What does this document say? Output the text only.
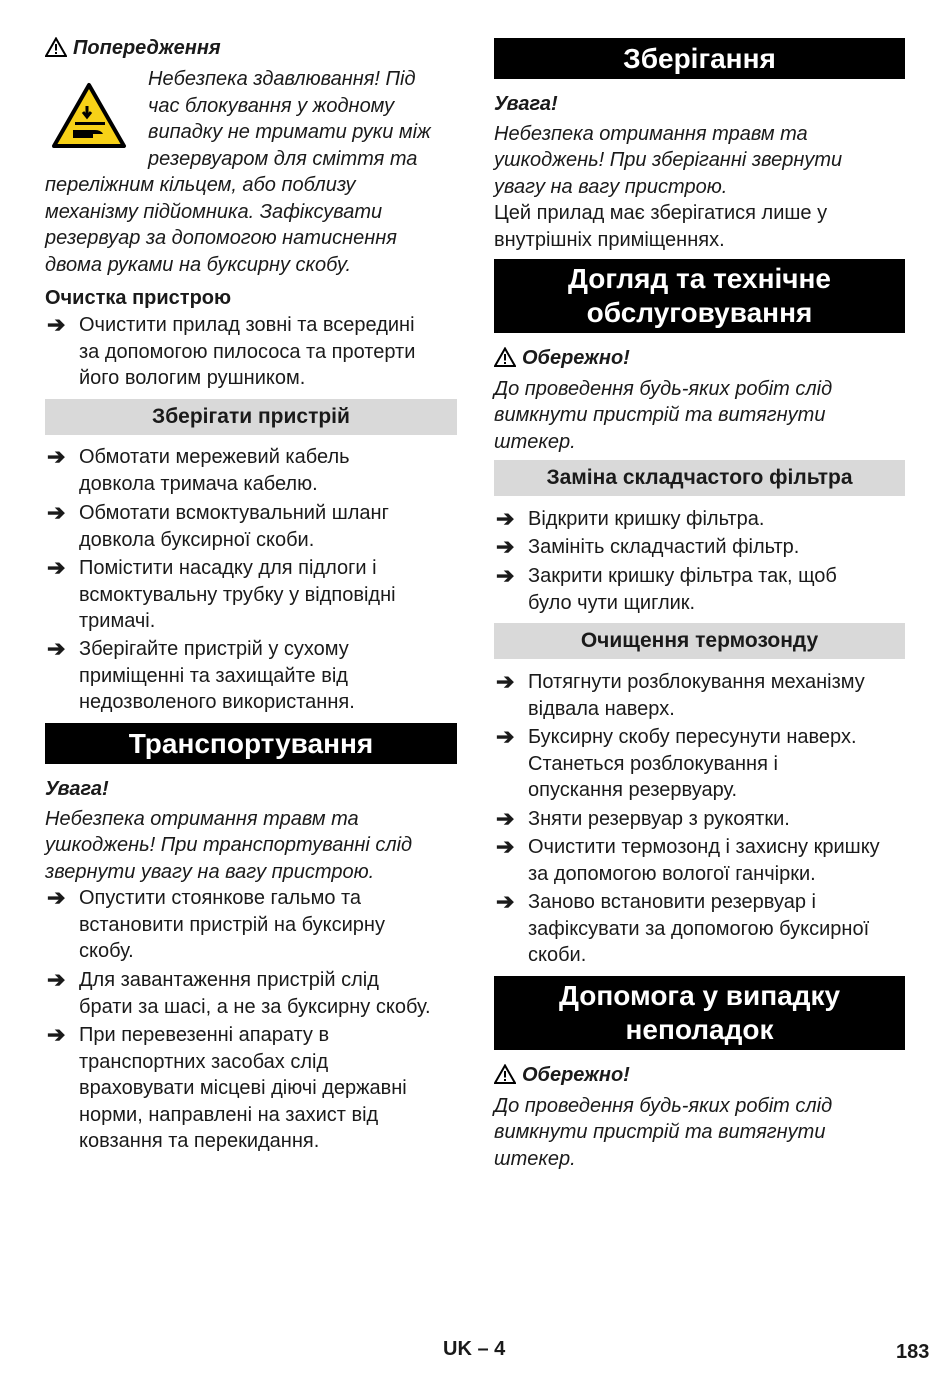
Попередження
Небезпека здавлювання! Під
час блокування у жодному
випадку не тримати руки між
резервуаром для сміття та
переліжним кільцем, або поблизу
механізму підйомника. Зафіксувати
резервуар за допомогою натиснення
двома руками на буксирну скобу.
Очистка пристрою
➔ Очистити прилад зовні та всередині
за допомогою пилососа та протерти
його вологим рушником.
Зберігати пристрій
➔ Обмотати мережевий кабель
довкола тримача кабелю.
➔ Обмотати всмоктувальний шланг
довкола буксирної скоби.
➔ Помістити насадку для підлоги і
всмоктувальну трубку у відповідні
тримачі.
➔ Зберігайте пристрій у сухому
приміщенні та захищайте від
недозволеного використання.
Транспортування
Увага!
Небезпека отримання травм та
ушкоджень! При транспортуванні слід
звернути увагу на вагу пристрою.
➔ Опустити стоянкове гальмо та
встановити пристрій на буксирну
скобу.
➔ Для завантаження пристрій слід
брати за шасі, а не за буксирну скобу.
➔ При перевезенні апарату в
транспортних засобах слід
враховувати місцеві діючі державні
норми, направлені на захист від
ковзання та перекидання.
Зберігання
Увага!
Небезпека отримання травм та
ушкоджень! При зберіганні звернути
увагу на вагу пристрою.
Цей прилад має зберігатися лише у
внутрішніх приміщеннях.
Догляд та технічне
обслуговування
Обережно!
До проведення будь-яких робіт слід
вимкнути пристрій та витягнути
штекер.
Заміна складчастого фільтра
➔ Відкрити кришку фільтра.
➔ Замініть складчастий фільтр.
➔ Закрити кришку фільтра так, щоб
було чути щиглик.
Очищення термозонду
➔ Потягнути розблокування механізму
відвала наверх.
➔ Буксирну скобу пересунути наверх.
Станеться розблокування і
опускання резервуару.
➔ Зняти резервуар з рукоятки.
➔ Очистити термозонд і захисну кришку
за допомогою вологої ганчірки.
➔ Заново встановити резервуар і
зафіксувати за допомогою буксирної
скоби.
Допомога у випадку
неполадок
Обережно!
До проведення будь-яких робіт слід
вимкнути пристрій та витягнути
штекер.
UK – 4	183
